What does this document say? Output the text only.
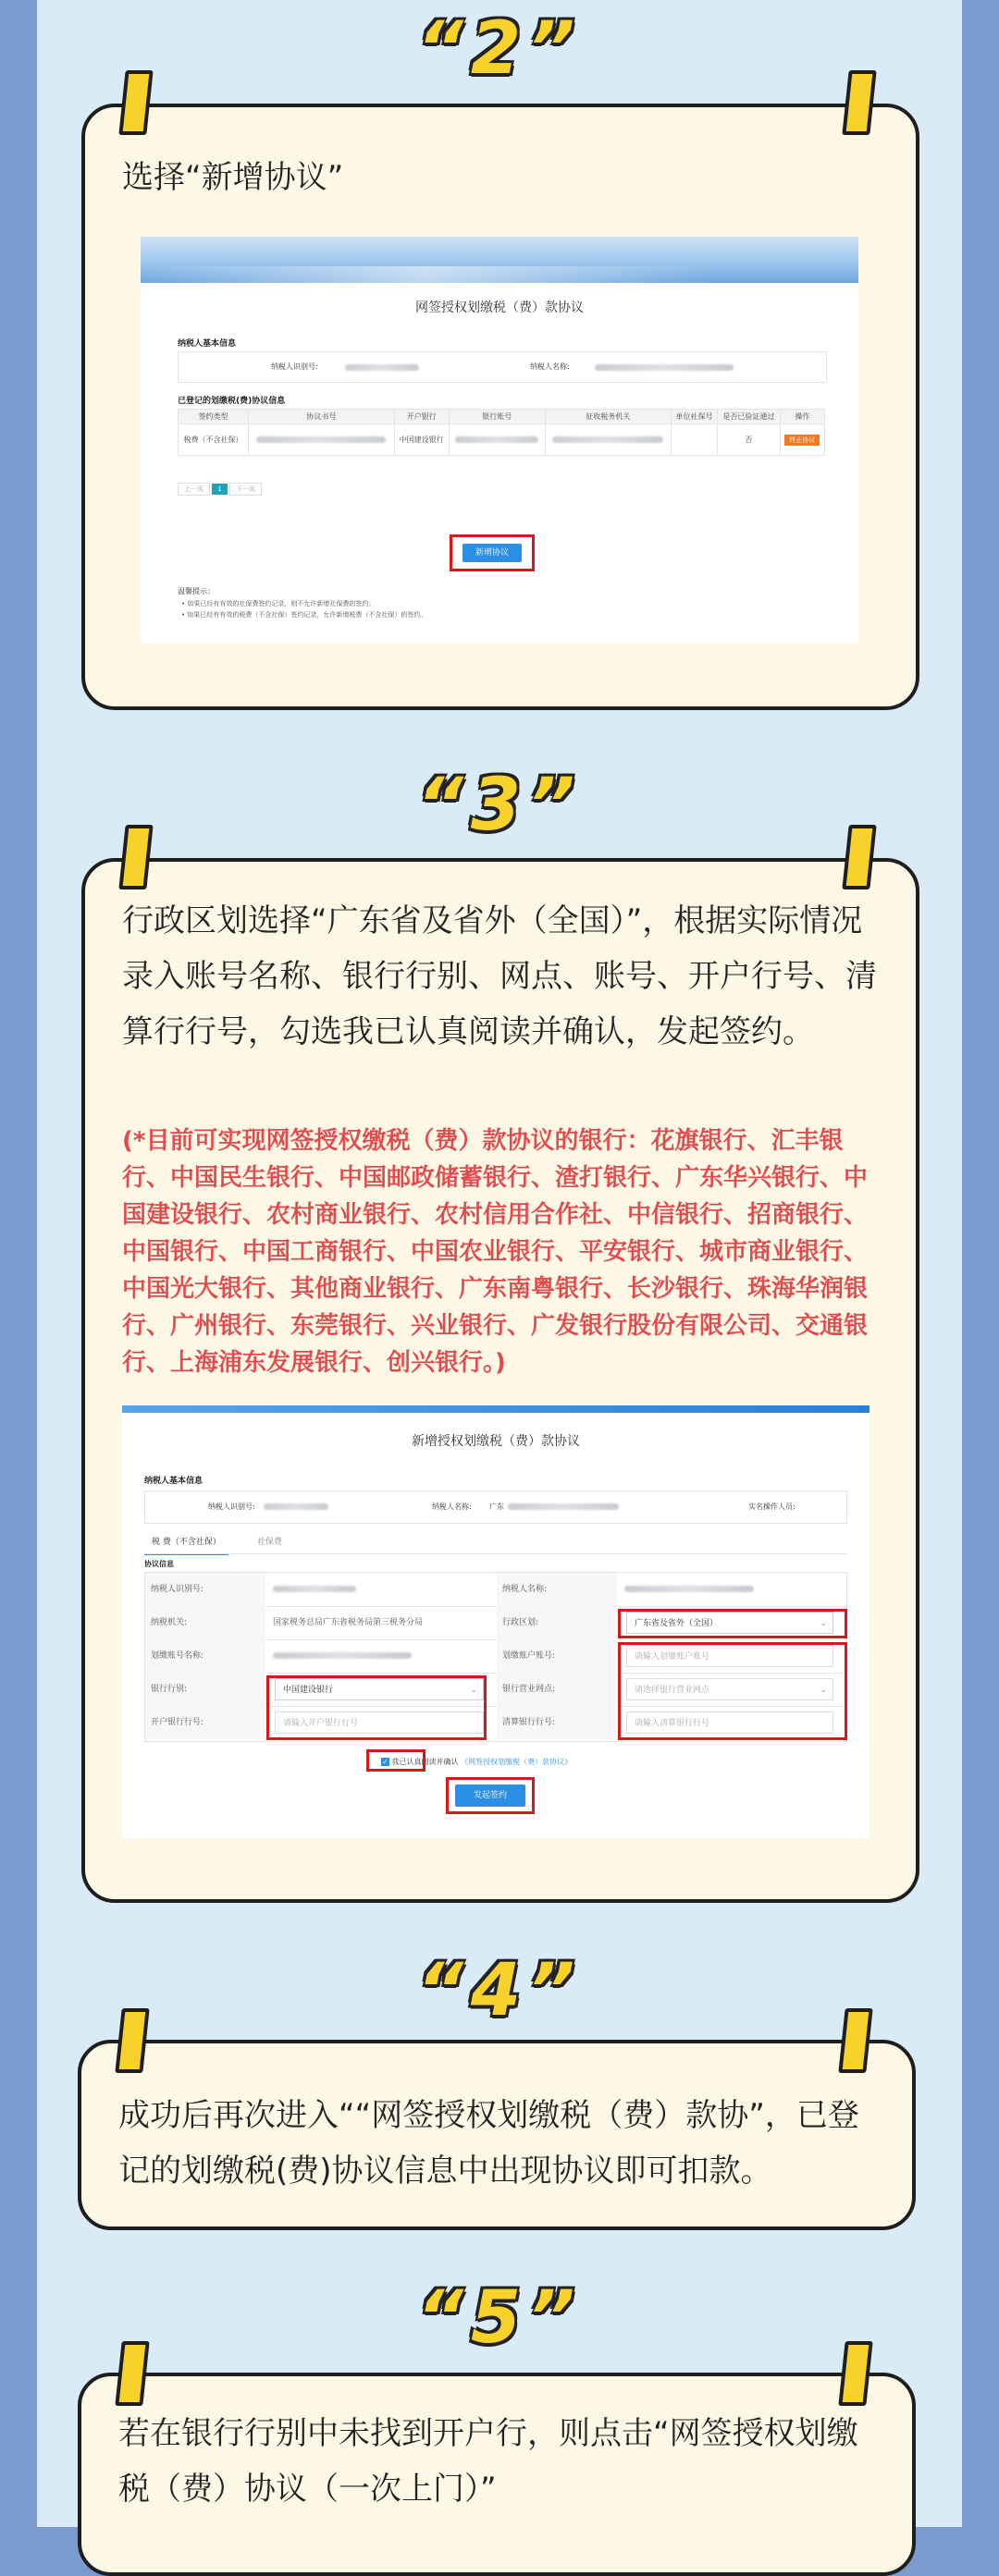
“2”
选择“新增协议”
网签授权划缴税（费）款协议
纳税人基本信息
纳税人识别号:	纳税人名称:
已登记的划缴税(费)协议信息
签约类型	协议书号	开户银行	银行账号	征收税务机关	单位社保号	是否已验证通过	操作
税费（不含社保）		中国建设银行				否	终止协议
上一页 1 下一页
新增协议
温馨提示：
• 如果已经有有效的社保费签约记录，则不允许新增社保费的签约；
• 如果已经有有效的税费（不含社保）签约记录，允许新增税费（不含社保）的签约。
“3”
行政区划选择“广东省及省外（全国）”，根据实际情况录入账号名称、银行行别、网点、账号、开户行号、清算行行号，勾选我已认真阅读并确认，发起签约。
(*目前可实现网签授权缴税（费）款协议的银行：花旗银行、汇丰银行、中国民生银行、中国邮政储蓄银行、渣打银行、广东华兴银行、中国建设银行、农村商业银行、农村信用合作社、中信银行、招商银行、中国银行、中国工商银行、中国农业银行、平安银行、城市商业银行、中国光大银行、其他商业银行、广东南粤银行、长沙银行、珠海华润银行、广州银行、东莞银行、兴业银行、广发银行股份有限公司、交通银行、上海浦东发展银行、创兴银行。)
新增授权划缴税（费）款协议
纳税人基本信息
纳税人识别号:	纳税人名称: 广东	实名操作人员:
税 费（不含社保）	社保费
协议信息
纳税人识别号:	纳税人名称:
纳税机关:	国家税务总局广东省税务局第三税务分局	行政区划:	广东省及省外（全国）	⌄
划缴账号名称:	划缴账户账号:	请输入划缴账户账号
银行行别:	中国建设银行	⌄	银行营业网点:	请选择银行营业网点	⌄
开户银行行号:	请输入开户银行行号	清算银行行号:	请输入清算银行行号
✓ 我已认真阅读并确认 《网签授权划缴税（费）款协议》
发起签约
“4”
成功后再次进入““网签授权划缴税（费）款协”，已登记的划缴税(费)协议信息中出现协议即可扣款。
“5”
若在银行行别中未找到开户行，则点击“网签授权划缴税（费）协议（一次上门）”
